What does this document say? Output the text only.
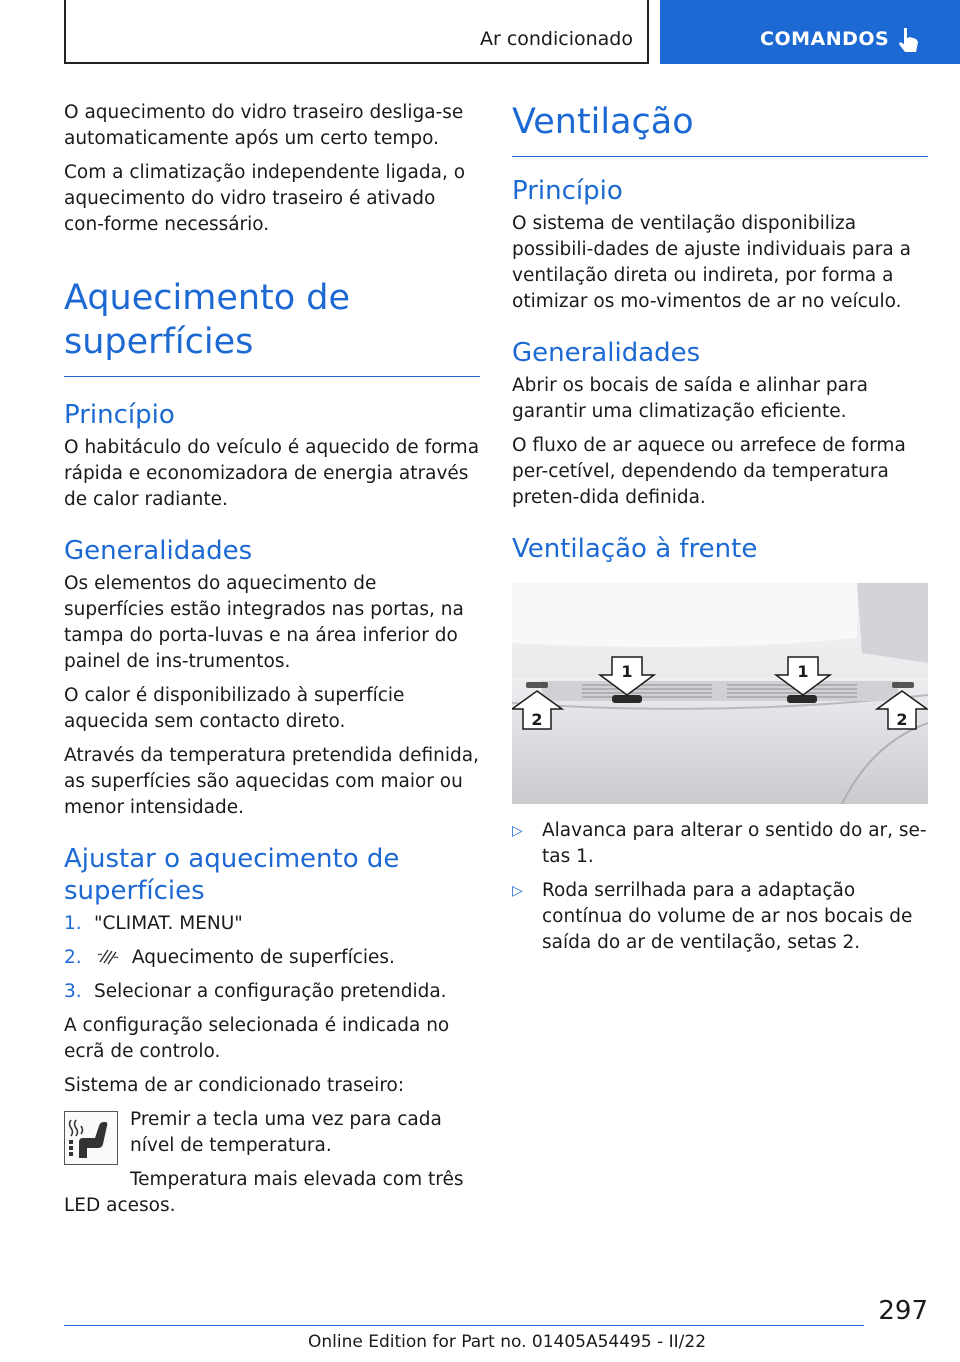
Ar condicionado	COMANDOS

O aquecimento do vidro traseiro desliga-se automaticamente após um certo tempo.

Com a climatização independente ligada, o aquecimento do vidro traseiro é ativado con-forme necessário.

Aquecimento de superfícies
Princípio

O habitáculo do veículo é aquecido de forma rápida e economizadora de energia através de calor radiante.

Generalidades

Os elementos do aquecimento de superfícies estão integrados nas portas, na tampa do porta-luvas e na área inferior do painel de ins-trumentos.

O calor é disponibilizado à superfície aquecida sem contacto direto.

Através da temperatura pretendida definida, as superfícies são aquecidas com maior ou menor intensidade.

Ajustar o aquecimento de superfícies
1. "CLIMAT. MENU"
2.	Aquecimento de superfícies.
3. Selecionar a configuração pretendida.

A configuração selecionada é indicada no ecrã de controlo.

Sistema de ar condicionado traseiro:

Premir a tecla uma vez para cada nível de temperatura.

Temperatura mais elevada com três LED acesos.

Ventilação
Princípio

O sistema de ventilação disponibiliza possibili-dades de ajuste individuais para a ventilação direta ou indireta, por forma a otimizar os mo-vimentos de ar no veículo.

Generalidades

Abrir os bocais de saída e alinhar para garantir uma climatização eficiente.

O fluxo de ar aquece ou arrefece de forma per-cetível, dependendo da temperatura preten-dida definida.

Ventilação à frente
1	1
2	2
▷ Alavanca para alterar o sentido do ar, se-tas 1.
▷ Roda serrilhada para a adaptação contínua do volume de ar nos bocais de saída do ar de ventilação, setas 2.
297
Online Edition for Part no. 01405A54495 - II/22
